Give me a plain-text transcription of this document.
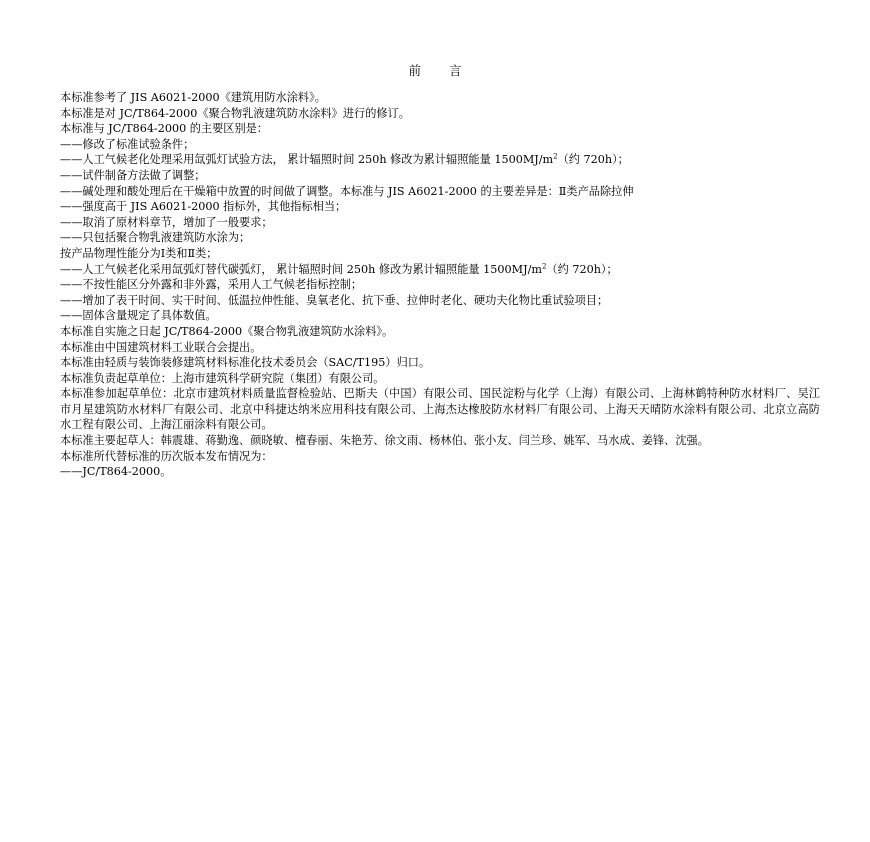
前 言
本标准参考了 JIS A6021-2000《建筑用防水涂料》。
本标准是对 JC/T864-2000《聚合物乳液建筑防水涂料》进行的修订。
本标准与 JC/T864-2000 的主要区别是：
——修改了标准试验条件；
——人工气候老化处理采用氙弧灯试验方法， 累计辐照时间 250h 修改为累计辐照能量 $1500MJ/m^2$（约 720h）；
——试件制备方法做了调整；
——碱处理和酸处理后在干燥箱中放置的时间做了调整。本标准与 JIS A6021-2000 的主要差异是：Ⅱ类产品除拉伸
——强度高于 JIS A6021-2000 指标外，其他指标相当；
——取消了原材料章节，增加了一般要求；
——只包括聚合物乳液建筑防水涂为；
按产品物理性能分为Ⅰ类和Ⅱ类；
——人工气候老化采用氙弧灯替代碳弧灯， 累计辐照时间 250h 修改为累计辐照能量 $1500MJ/m^2$（约 720h）；
——不按性能区分外露和非外露，采用人工气候老指标控制；
——增加了表干时间、实干时间、低温拉伸性能、臭氧老化、抗下垂、拉伸时老化、硬功夫化物比重试验项目；
——固体含量规定了具体数值。
本标准自实施之日起 JC/T864-2000《聚合物乳液建筑防水涂料》。
本标准由中国建筑材料工业联合会提出。
本标准由轻质与装饰装修建筑材料标准化技术委员会（SAC/T195）归口。
本标准负责起草单位：上海市建筑科学研究院（集团）有限公司。
本标准参加起草单位：北京市建筑材料质量监督检验站、巴斯夫（中国）有限公司、国民淀粉与化学（上海）有限公司、上海林鹤特种防水材料厂、吴江市月星建筑防水材料厂有限公司、北京中科捷达纳米应用科技有限公司、上海杰达橡胶防水材料厂有限公司、上海天天晴防水涂料有限公司、北京立高防水工程有限公司、上海江丽涂料有限公司。
本标准主要起草人：韩震雄、蒋勤逸、颜晓敏、檀春丽、朱艳芳、徐文雨、杨林伯、张小友、闫兰珍、姚军、马水成、姜锋、沈强。
本标准所代替标准的历次版本发布情况为：
——JC/T864-2000。
